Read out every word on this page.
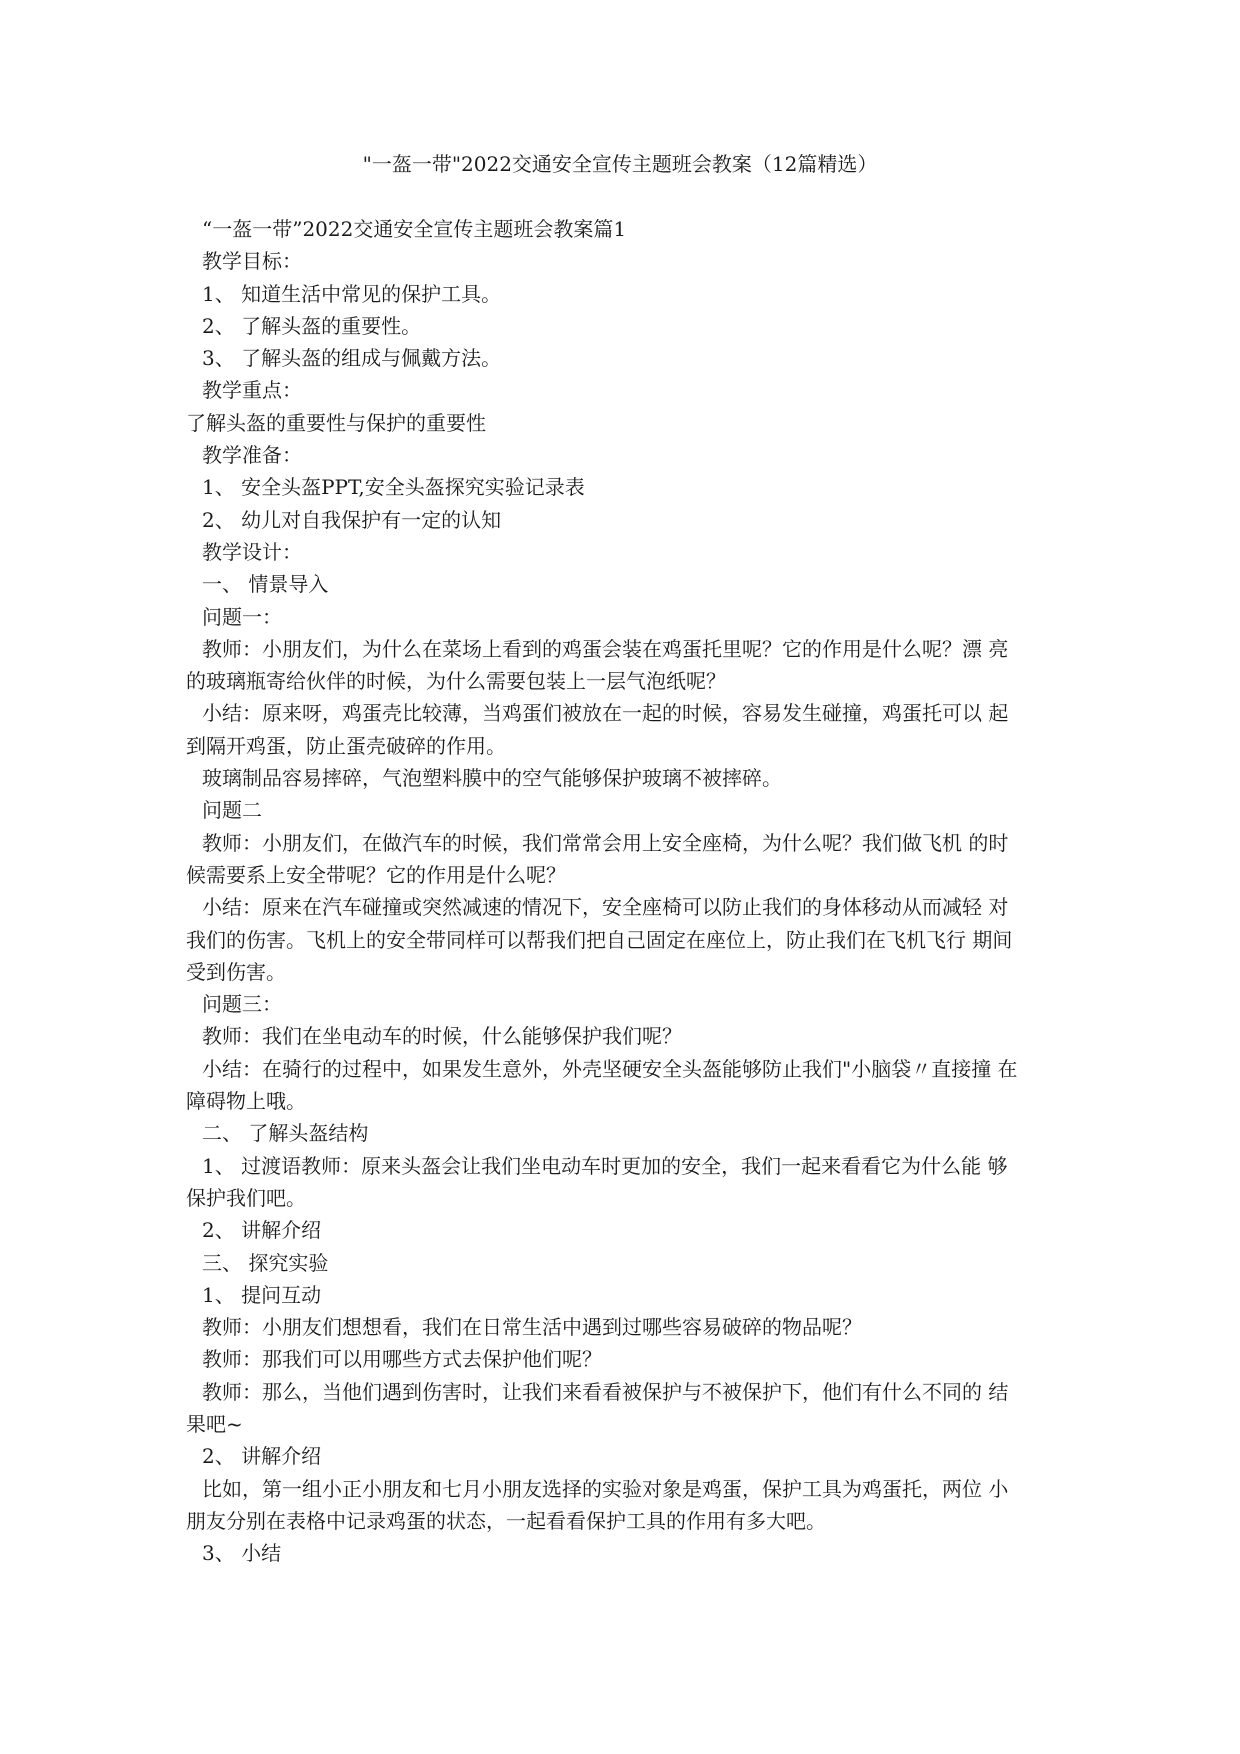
"一盔一带"2022交通安全宣传主题班会教案（12篇精选）

“一盔一带”2022交通安全宣传主题班会教案篇1

教学目标：

1、 知道生活中常见的保护工具。

2、 了解头盔的重要性。

3、 了解头盔的组成与佩戴方法。

教学重点：

了解头盔的重要性与保护的重要性

教学准备：

1、 安全头盔PPT,安全头盔探究实验记录表

2、 幼儿对自我保护有一定的认知

教学设计：

一、 情景导入

问题一：

教师：小朋友们，为什么在菜场上看到的鸡蛋会装在鸡蛋托里呢？它的作用是什么呢？漂 亮

的玻璃瓶寄给伙伴的时候，为什么需要包装上一层气泡纸呢？

小结：原来呀，鸡蛋壳比较薄，当鸡蛋们被放在一起的时候，容易发生碰撞，鸡蛋托可以 起

到隔开鸡蛋，防止蛋壳破碎的作用。

玻璃制品容易摔碎，气泡塑料膜中的空气能够保护玻璃不被摔碎。

问题二

教师：小朋友们，在做汽车的时候，我们常常会用上安全座椅，为什么呢？我们做飞机 的时

候需要系上安全带呢？它的作用是什么呢？

小结：原来在汽车碰撞或突然减速的情况下，安全座椅可以防止我们的身体移动从而减轻 对

我们的伤害。飞机上的安全带同样可以帮我们把自己固定在座位上，防止我们在飞机飞行 期间

受到伤害。

问题三：

教师：我们在坐电动车的时候，什么能够保护我们呢？

小结：在骑行的过程中，如果发生意外，外壳坚硬安全头盔能够防止我们"小脑袋〃直接撞 在

障碍物上哦。

二、 了解头盔结构

1、 过渡语教师：原来头盔会让我们坐电动车时更加的安全，我们一起来看看它为什么能 够

保护我们吧。

2、 讲解介绍

三、 探究实验

1、 提问互动

教师：小朋友们想想看，我们在日常生活中遇到过哪些容易破碎的物品呢？

教师：那我们可以用哪些方式去保护他们呢？

教师：那么，当他们遇到伤害时，让我们来看看被保护与不被保护下，他们有什么不同的 结

果吧~

2、 讲解介绍

比如，第一组小正小朋友和七月小朋友选择的实验对象是鸡蛋，保护工具为鸡蛋托，两位 小

朋友分别在表格中记录鸡蛋的状态，一起看看保护工具的作用有多大吧。

3、 小结
